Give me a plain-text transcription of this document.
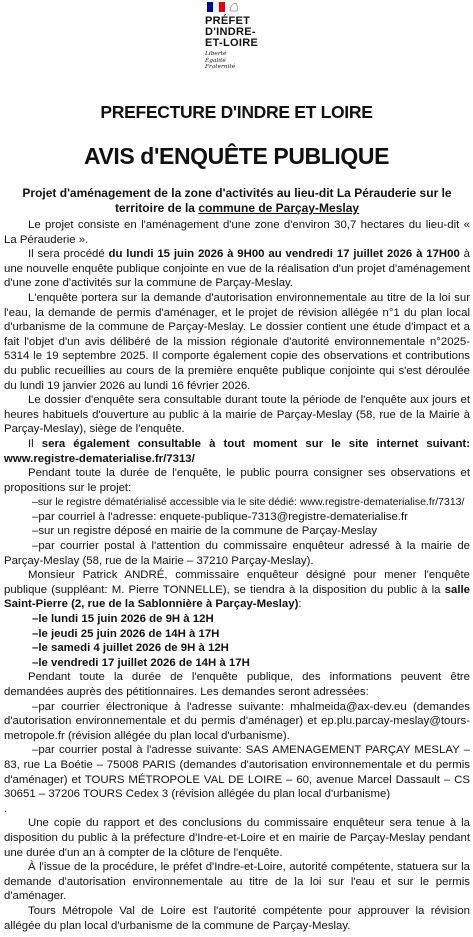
PRÉFET
D'INDRE-
ET-LOIRE
Liberté
Égalité
Fraternité
PREFECTURE D'INDRE ET LOIRE
AVIS d'ENQUÊTE PUBLIQUE
Projet d'aménagement de la zone d'activités au lieu-dit La Pérauderie sur le territoire de la commune de Parçay-Meslay

Le projet consiste en l'aménagement d'une zone d'environ 30,7 hectares du lieu-dit « La Pérauderie ».

Il sera procédé du lundi 15 juin 2026 à 9H00 au vendredi 17 juillet 2026 à 17H00 à une nouvelle enquête publique conjointe en vue de la réalisation d'un projet d'aménagement d'une zone d'activités sur la commune de Parçay-Meslay.

L'enquête portera sur la demande d'autorisation environnementale au titre de la loi sur l'eau, la demande de permis d'aménager, et le projet de révision allégée n°1 du plan local d'urbanisme de la commune de Parçay-Meslay. Le dossier contient une étude d'impact et a fait l'objet d'un avis délibéré de la mission régionale d'autorité environnementale n°2025-5314 le 19 septembre 2025. Il comporte également copie des observations et contributions du public recueillies au cours de la première enquête publique conjointe qui s'est déroulée du lundi 19 janvier 2026 au lundi 16 février 2026.

Le dossier d'enquête sera consultable durant toute la période de l'enquête aux jours et heures habituels d'ouverture au public à la mairie de Parçay-Meslay (58, rue de la Mairie à Parçay-Meslay), siège de l'enquête.

Il sera également consultable à tout moment sur le site internet suivant: www.registre-dematerialise.fr/7313/

Pendant toute la durée de l'enquête, le public pourra consigner ses observations et propositions sur le projet:

–sur le registre dématérialisé accessible via le site dédié: www.registre-dematerialise.fr/7313/

–par courriel à l'adresse: enquete-publique-7313@registre-dematerialise.fr

–sur un registre déposé en mairie de la commune de Parçay-Meslay

–par courrier postal à l'attention du commissaire enquêteur adressé à la mairie de Parçay-Meslay (58, rue de la Mairie – 37210 Parçay-Meslay).

Monsieur Patrick ANDRÉ, commissaire enquêteur désigné pour mener l'enquête publique (suppléant: M. Pierre TONNELLE), se tiendra à la disposition du public à la salle Saint-Pierre (2, rue de la Sablonnière à Parçay-Meslay):

–le lundi 15 juin 2026 de 9H à 12H

–le jeudi 25 juin 2026 de 14H à 17H

–le samedi 4 juillet 2026 de 9H à 12H

–le vendredi 17 juillet 2026 de 14H à 17H

Pendant toute la durée de l'enquête publique, des informations peuvent être demandées auprès des pétitionnaires. Les demandes seront adressées:

–par courrier électronique à l'adresse suivante: mhalmeida@ax-dev.eu (demandes d'autorisation environnementale et du permis d'aménager) et ep.plu.parcay-meslay@tours-metropole.fr (révision allégée du plan local d'urbanisme).

–par courrier postal à l'adresse suivante: SAS AMENAGEMENT PARÇAY MESLAY – 83, rue La Boétie – 75008 PARIS (demandes d'autorisation environnementale et du permis d'aménager) et TOURS MÉTROPOLE VAL DE LOIRE – 60, avenue Marcel Dassault – CS 30651 – 37206 TOURS Cedex 3 (révision allégée du plan local d'urbanisme)

.

Une copie du rapport et des conclusions du commissaire enquêteur sera tenue à la disposition du public à la préfecture d'Indre-et-Loire et en mairie de Parçay-Meslay pendant une durée d'un an à compter de la clôture de l'enquête.

À l'issue de la procédure, le préfet d'Indre-et-Loire, autorité compétente, statuera sur la demande d'autorisation environnementale au titre de la loi sur l'eau et sur le permis d'aménager.

Tours Métropole Val de Loire est l'autorité compétente pour approuver la révision allégée du plan local d'urbanisme de la commune de Parçay-Meslay.
